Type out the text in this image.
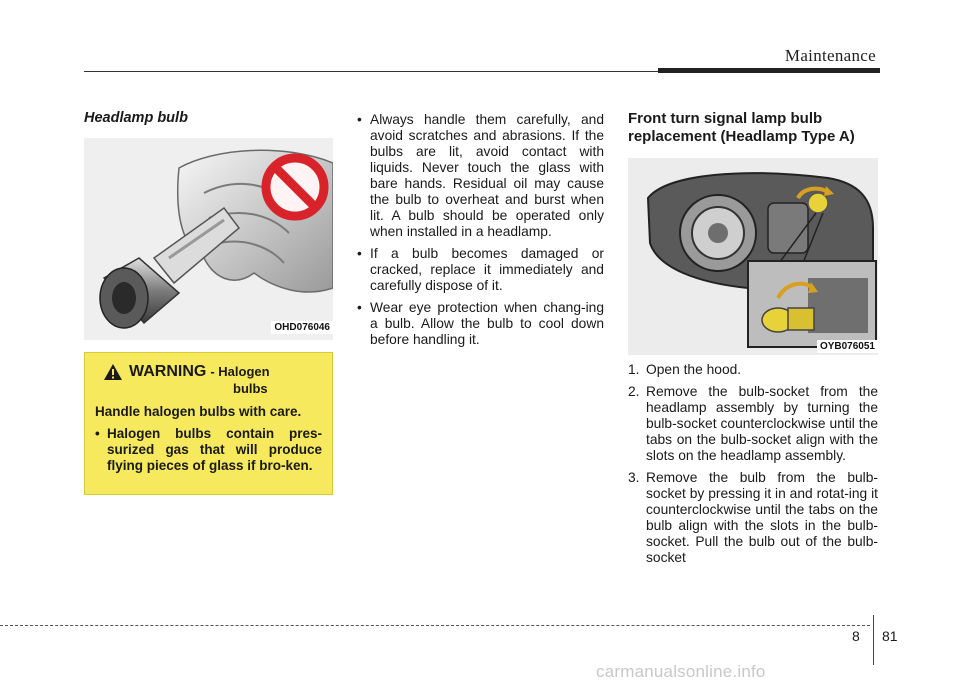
Maintenance
Headlamp bulb
OHD076046
WARNING - Halogen
bulbs
Handle halogen bulbs with care.
• Halogen bulbs contain pres-surized gas that will produce flying pieces of glass if bro-ken.
• Always handle them carefully, and avoid scratches and abrasions. If the bulbs are lit, avoid contact with liquids. Never touch the glass with bare hands. Residual oil may cause the bulb to overheat and burst when lit. A bulb should be operated only when installed in a headlamp.
• If a bulb becomes damaged or cracked, replace it immediately and carefully dispose of it.
• Wear eye protection when chang-ing a bulb. Allow the bulb to cool down before handling it.
Front turn signal lamp bulb replacement (Headlamp Type A)
OYB076051
1. Open the hood.
2. Remove the bulb-socket from the headlamp assembly by turning the bulb-socket counterclockwise until the tabs on the bulb-socket align with the slots on the headlamp assembly.
3. Remove the bulb from the bulb-socket by pressing it in and rotat-ing it counterclockwise until the tabs on the bulb align with the slots in the bulb-socket. Pull the bulb out of the bulb-socket
8 81
carmanualsonline.info
